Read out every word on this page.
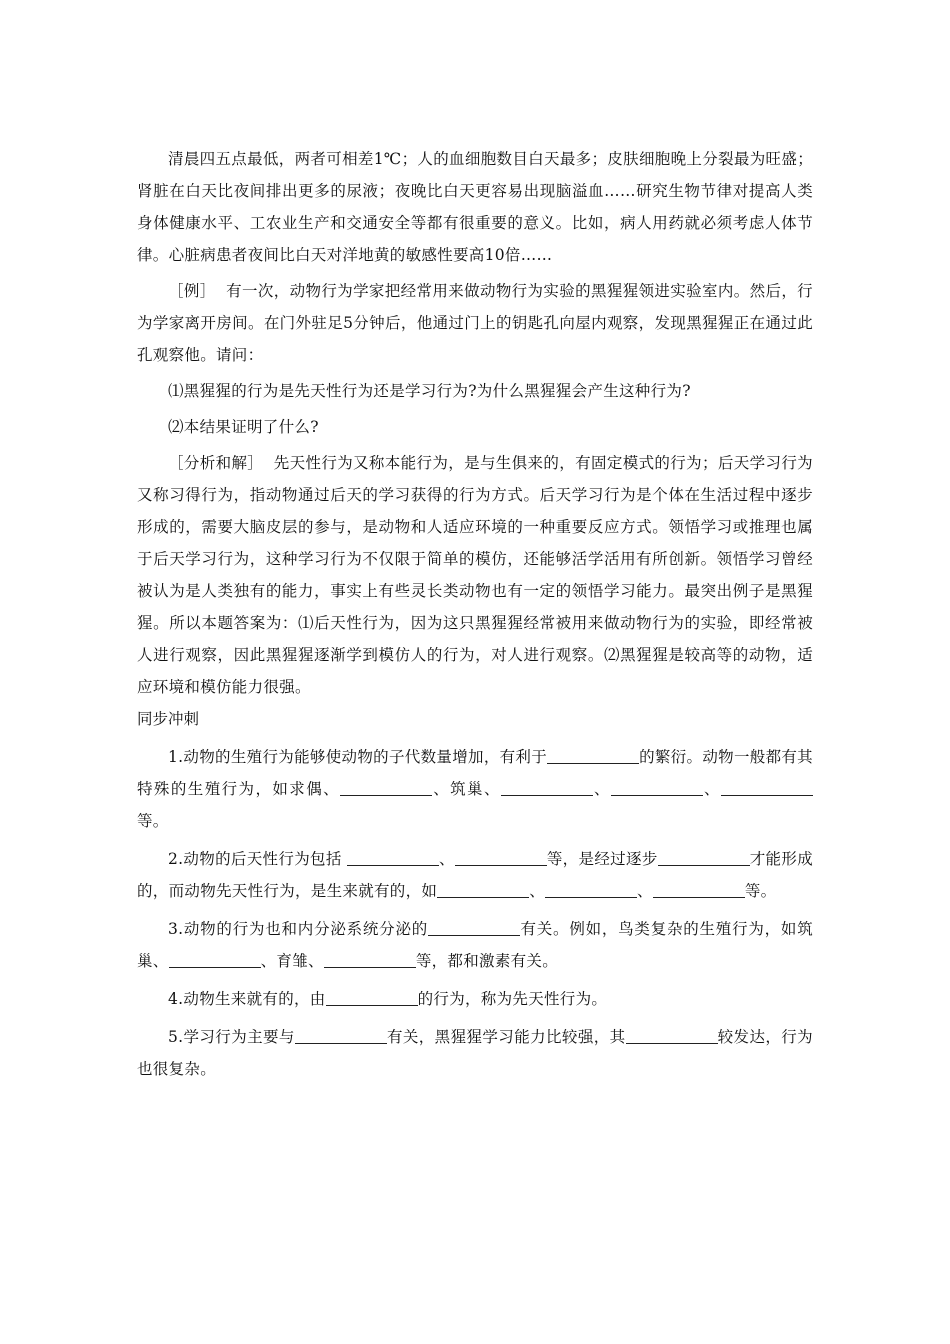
清晨四五点最低，两者可相差1℃；人的血细胞数目白天最多；皮肤细胞晚上分裂最为旺盛；肾脏在白天比夜间排出更多的尿液；夜晚比白天更容易出现脑溢血……研究生物节律对提高人类身体健康水平、工农业生产和交通安全等都有很重要的意义。比如，病人用药就必须考虑人体节律。心脏病患者夜间比白天对洋地黄的敏感性要高10倍……

［例］ 有一次，动物行为学家把经常用来做动物行为实验的黑猩猩领进实验室内。然后，行为学家离开房间。在门外驻足5分钟后，他通过门上的钥匙孔向屋内观察，发现黑猩猩正在通过此孔观察他。请问：

⑴黑猩猩的行为是先天性行为还是学习行为?为什么黑猩猩会产生这种行为?

⑵本结果证明了什么?

［分析和解］ 先天性行为又称本能行为，是与生俱来的，有固定模式的行为；后天学习行为又称习得行为，指动物通过后天的学习获得的行为方式。后天学习行为是个体在生活过程中逐步形成的，需要大脑皮层的参与，是动物和人适应环境的一种重要反应方式。领悟学习或推理也属于后天学习行为，这种学习行为不仅限于简单的模仿，还能够活学活用有所创新。领悟学习曾经被认为是人类独有的能力，事实上有些灵长类动物也有一定的领悟学习能力。最突出例子是黑猩猩。所以本题答案为：⑴后天性行为，因为这只黑猩猩经常被用来做动物行为的实验，即经常被人进行观察，因此黑猩猩逐渐学到模仿人的行为，对人进行观察。⑵黑猩猩是较高等的动物，适应环境和模仿能力很强。

同步冲刺

1.动物的生殖行为能够使动物的子代数量增加，有利于	的繁衍。动物一般都有其特殊的生殖行为，如求偶、	、筑巢、	、	、等。

2.动物的后天性行为包括	、	等，是经过逐步	才能形成的，而动物先天性行为，是生来就有的，如	、	、	等。

3.动物的行为也和内分泌系统分泌的	有关。例如，鸟类复杂的生殖行为，如筑巢、	、育雏、	等，都和激素有关。

4.动物生来就有的，由	的行为，称为先天性行为。

5.学习行为主要与	有关，黑猩猩学习能力比较强，其	较发达，行为也很复杂。
